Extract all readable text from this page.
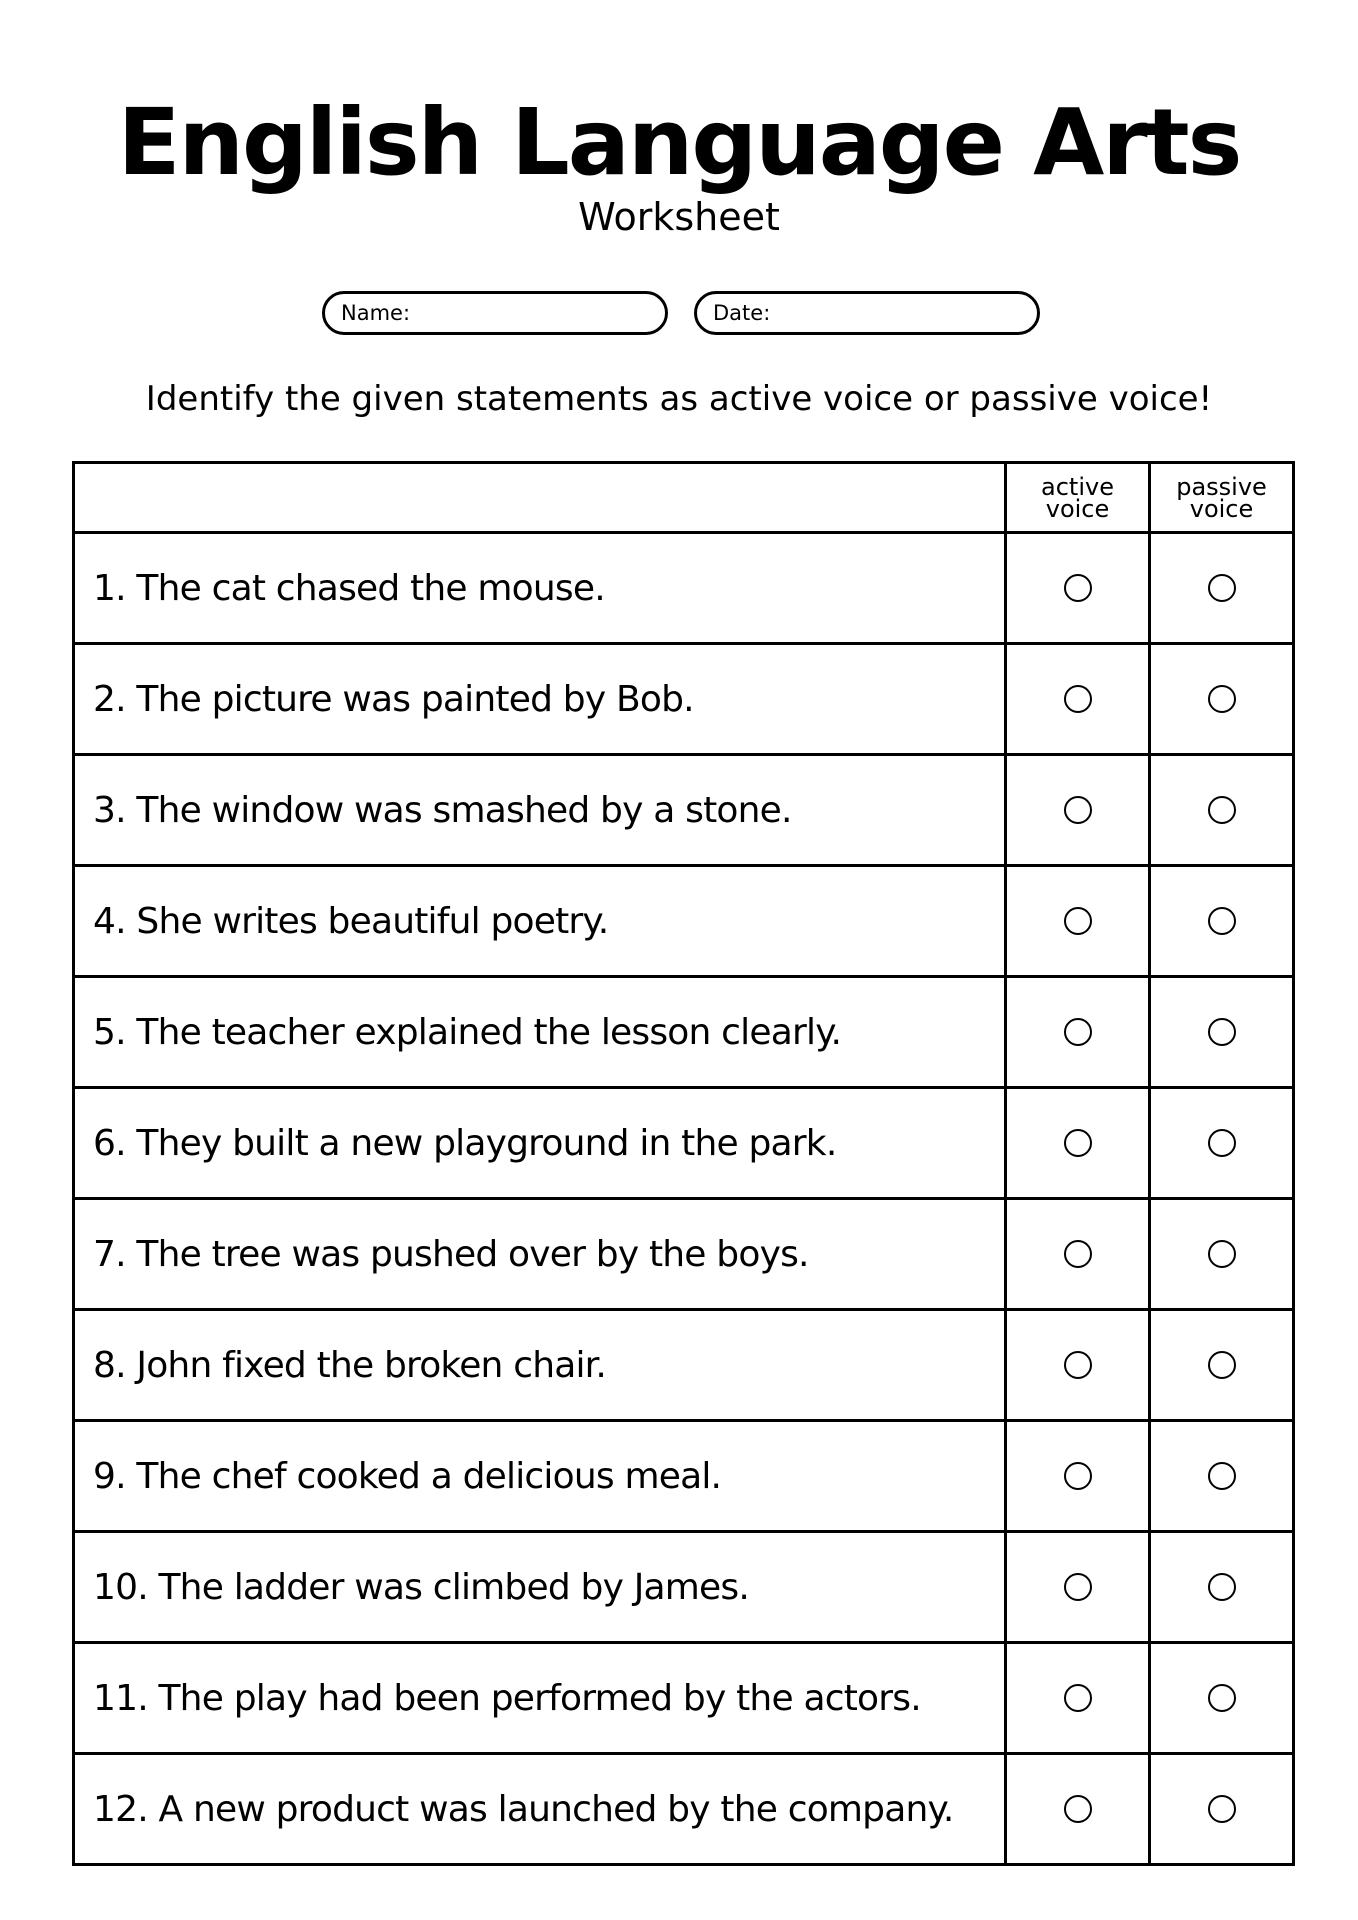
English Language Arts
Worksheet
Name:	Date:
Identify the given statements as active voice or passive voice!
	active voice	passive voice
1. The cat chased the mouse.		
2. The picture was painted by Bob.		
3. The window was smashed by a stone.		
4. She writes beautiful poetry.		
5. The teacher explained the lesson clearly.		
6. They built a new playground in the park.		
7. The tree was pushed over by the boys.		
8. John fixed the broken chair.		
9. The chef cooked a delicious meal.		
10. The ladder was climbed by James.		
11. The play had been performed by the actors.		
12. A new product was launched by the company.		
